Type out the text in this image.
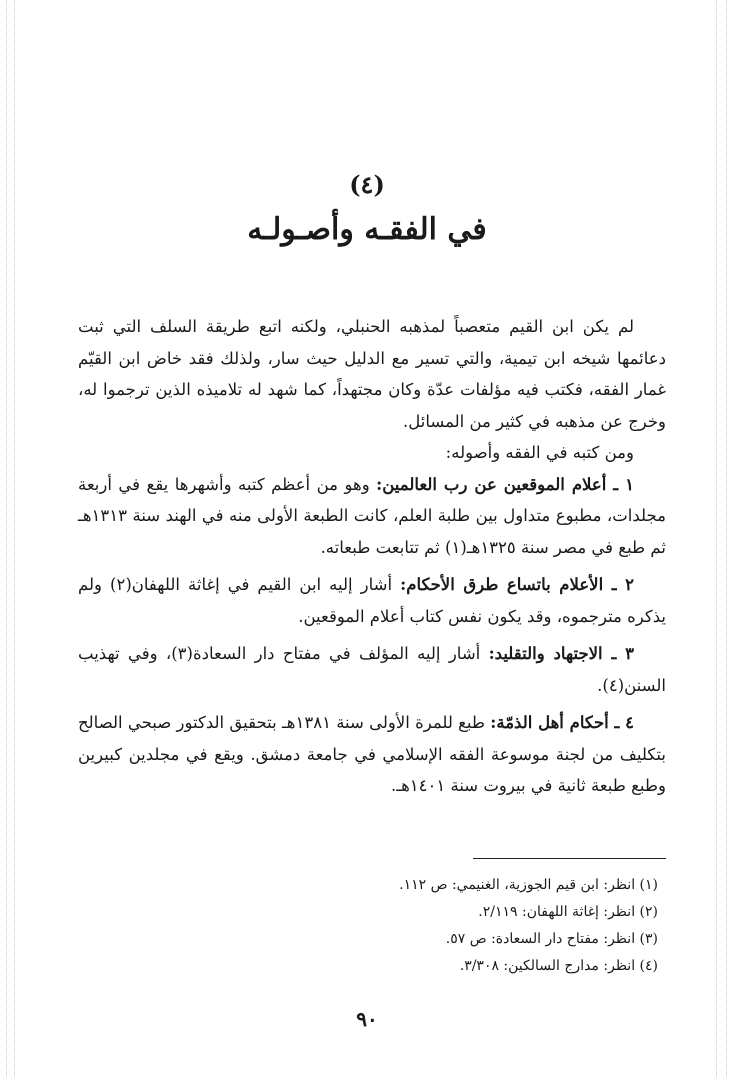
(٤)
في الفقـه وأصـولـه

لم يكن ابن القيم متعصباً لمذهبه الحنبلي، ولكنه اتبع طريقة السلف التي ثبت دعائمها شيخه ابن تيمية، والتي تسير مع الدليل حيث سار، ولذلك فقد خاض ابن القيّم غمار الفقه، فكتب فيه مؤلفات عدّة وكان مجتهداً، كما شهد له تلاميذه الذين ترجموا له، وخرج عن مذهبه في كثير من المسائل.

ومن كتبه في الفقه وأصوله:

١ ـ أعلام الموقعين عن رب العالمين: وهو من أعظم كتبه وأشهرها يقع في أربعة مجلدات، مطبوع متداول بين طلبة العلم، كانت الطبعة الأولى منه في الهند سنة ١٣١٣هـ ثم طبع في مصر سنة ١٣٢٥هـ(١) ثم تتابعت طبعاته.

٢ ـ الأعلام باتساع طرق الأحكام: أشار إليه ابن القيم في إغاثة اللهفان(٢) ولم يذكره مترجموه، وقد يكون نفس كتاب أعلام الموقعين.

٣ ـ الاجتهاد والتقليد: أشار إليه المؤلف في مفتاح دار السعادة(٣)، وفي تهذيب السنن(٤).

٤ ـ أحكام أهل الذمّة: طبع للمرة الأولى سنة ١٣٨١هـ بتحقيق الدكتور صبحي الصالح بتكليف من لجنة موسوعة الفقه الإسلامي في جامعة دمشق. ويقع في مجلدين كبيرين وطبع طبعة ثانية في بيروت سنة ١٤٠١هـ.

(١) انظر: ابن قيم الجوزية، الغنيمي: ص ١١٢.

(٢) انظر: إغاثة اللهفان: ٢/١١٩.

(٣) انظر: مفتاح دار السعادة: ص ٥٧.

(٤) انظر: مدارج السالكين: ٣/٣٠٨.

٩٠
